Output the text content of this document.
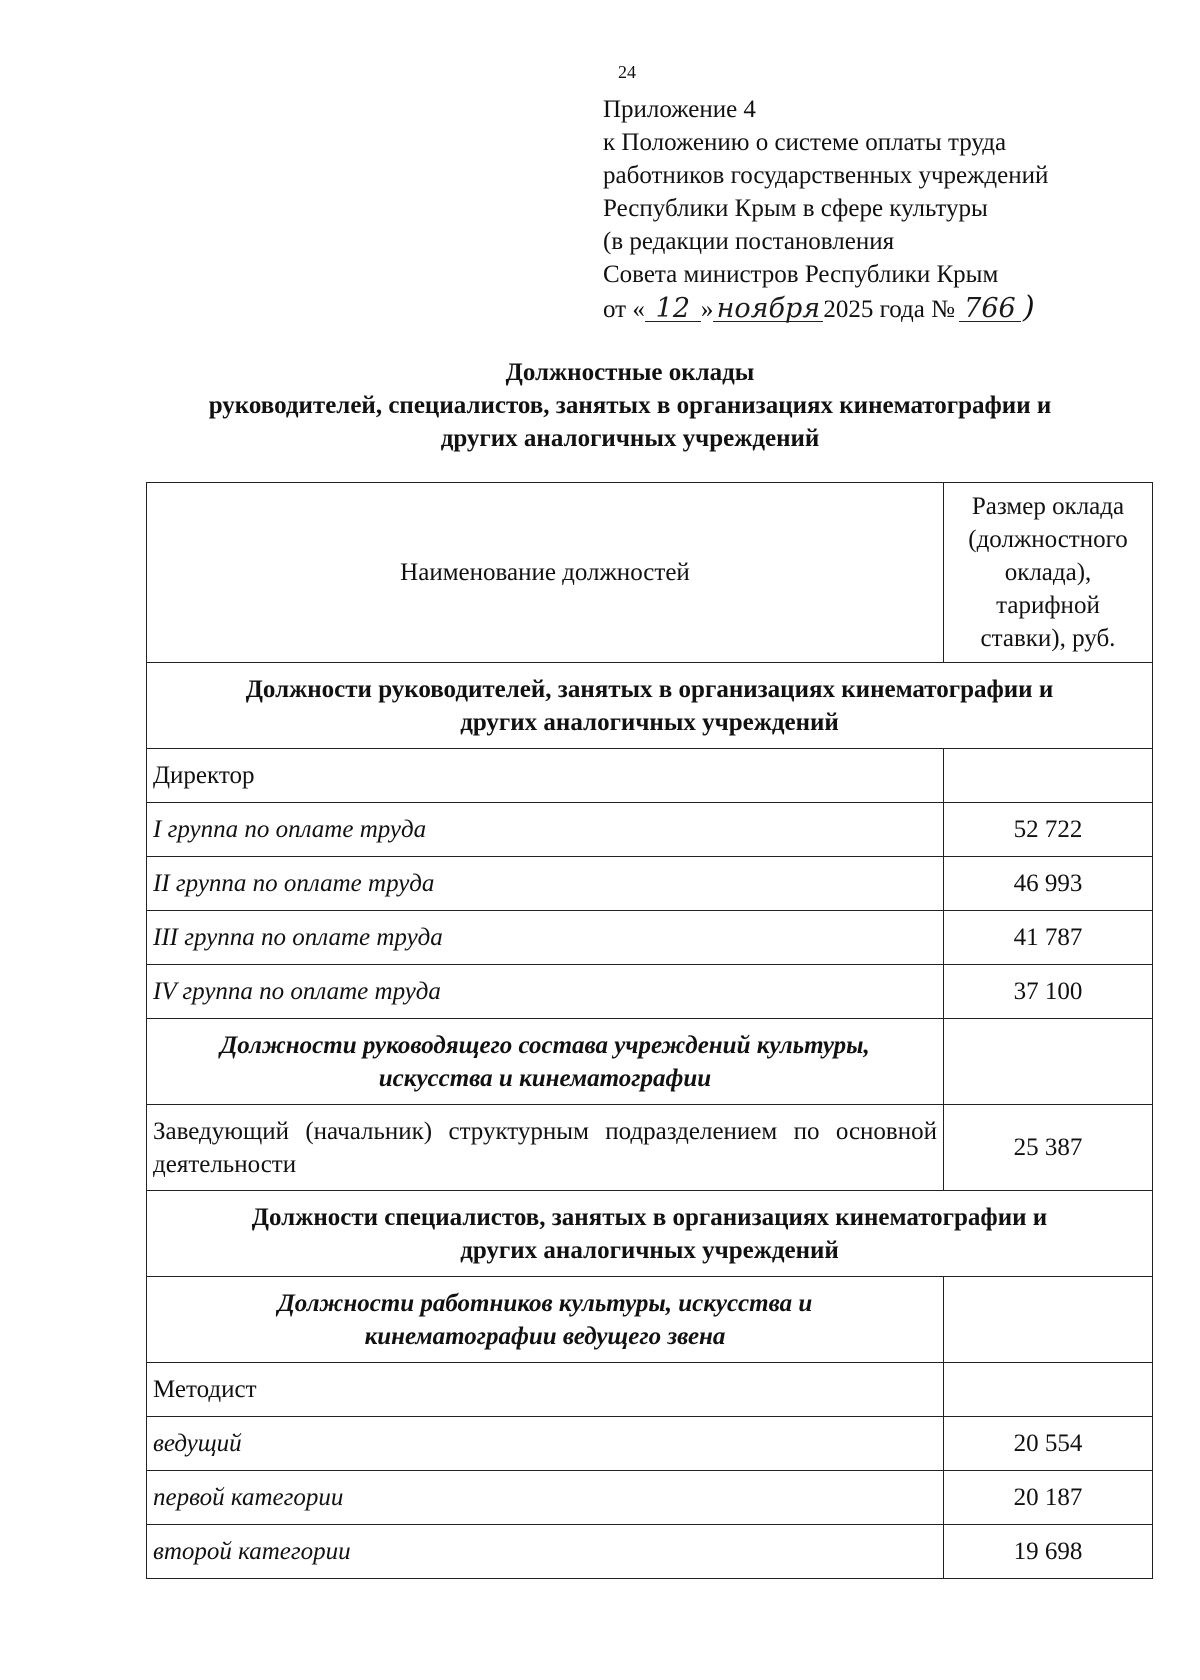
24
Приложение 4
к Положению о системе оплаты труда
работников государственных учреждений
Республики Крым в сфере культуры
(в редакции постановления
Совета министров Республики Крым
от « 12 » ноября 2025 года № 766 )
Должностные оклады
руководителей, специалистов, занятых в организациях кинематографии и
других аналогичных учреждений
Наименование должностей	Размер оклада
(должностного
оклада),
тарифной
ставки), руб.

Должности руководителей, занятых в организациях кинематографии и
других аналогичных учреждений	

Директор	
I группа по оплате труда	52 722
II группа по оплате труда	46 993
III группа по оплате труда	41 787
IV группа по оплате труда	37 100

Должности руководящего состава учреждений культуры,
искусства и кинематографии	

Заведующий (начальник) структурным подразделением по основной деятельности	25 387

Должности специалистов, занятых в организациях кинематографии и
других аналогичных учреждений	

Должности работников культуры, искусства и
кинематографии ведущего звена	

Методист	
ведущий	20 554
первой категории	20 187
второй категории	19 698
